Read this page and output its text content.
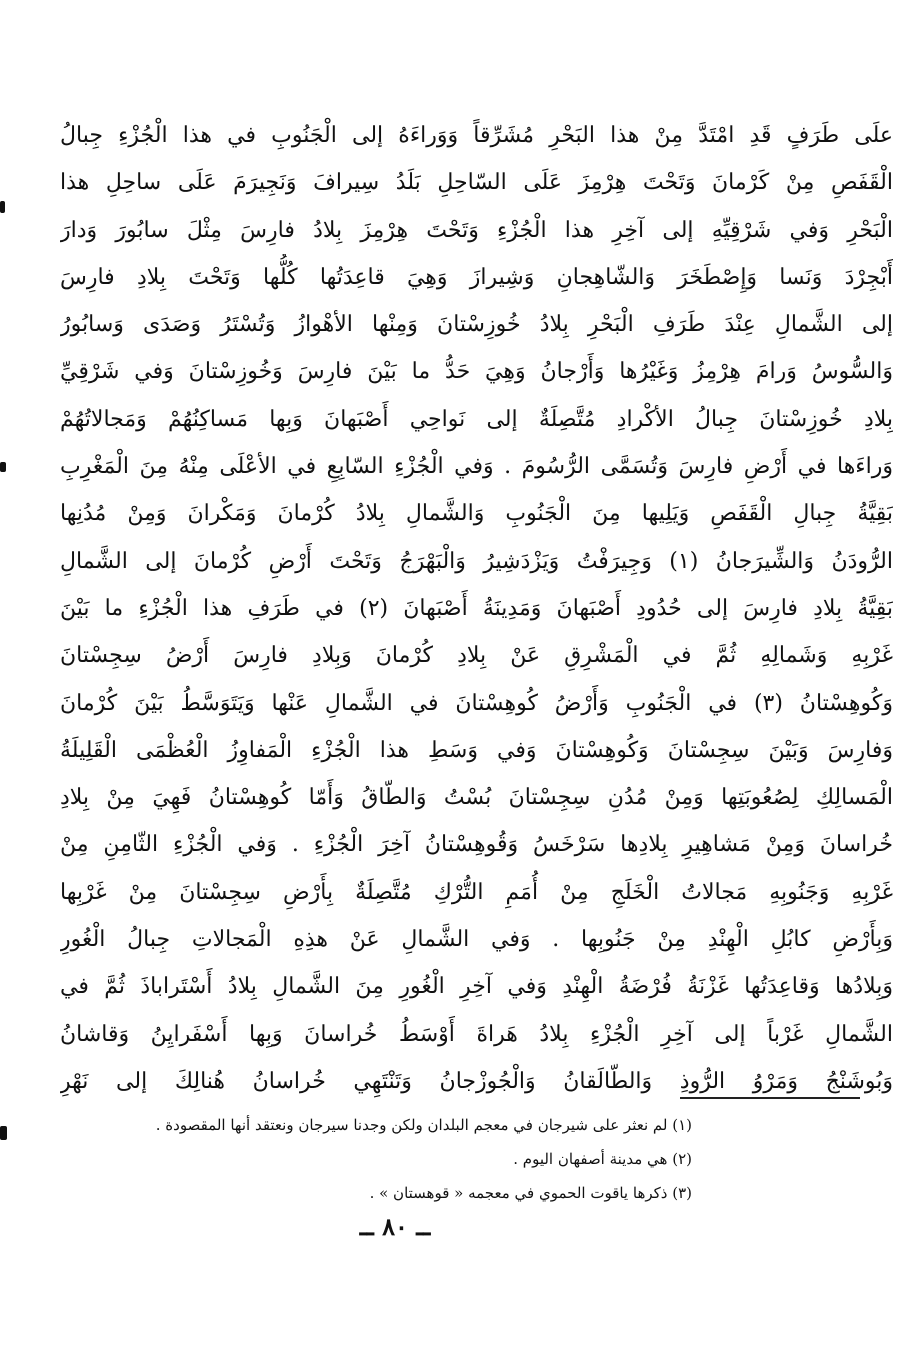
علَى طَرَفٍ قَدِ امْتَدَّ مِنْ هذا البَحْرِ مُشَرِّقاً وَوَراءَهُ إلى الْجَنُوبِ في هذا الْجُزْءِ جِبالُ
الْقَفَصِ مِنْ كَرْمانَ وَتَحْتَ هِرْمِزَ عَلَى السّاحِلِ بَلَدُ سِيرافَ وَنَجِيرَمَ عَلَى ساحِلِ هذا
الْبَحْرِ وَفي شَرْقِيِّهِ إلى آخِرِ هذا الْجُزْءِ وَتَحْتَ هِرْمِزَ بِلادُ فارِسَ مِثْلَ سابُورَ وَدارَ
أَبْجِرْدَ وَنَسا وَإِصْطَخَرَ وَالشّاهِجانِ وَشِيرازَ وَهِيَ قاعِدَتُها كُلُّها وَتَحْتَ بِلادِ فارِسَ
إلى الشَّمالِ عِنْدَ طَرَفِ الْبَحْرِ بِلادُ خُوزِسْتانَ وَمِنْها الأهْوازُ وَتُسْتَرُ وَصَدَى وَسابُورُ
وَالسُّوسُ وَرامَ هِرْمِزُ وَغَيْرُها وَأَرْجانُ وَهِيَ حَدُّ ما بَيْنَ فارِسَ وَخُوزِسْتانَ وَفي شَرْقِيِّ
بِلادِ خُوزِسْتانَ جِبالُ الأكْرادِ مُتَّصِلَةٌ إلى نَواحِي أَصْبَهانَ وَبِها مَساكِنُهُمْ وَمَجالاتُهُمْ
وَراءَها في أَرْضِ فارِسَ وَتُسَمَّى الرُّسُومَ . وَفي الْجُزْءِ السّابِعِ في الأعْلَى مِنْهُ مِنَ الْمَغْرِبِ
بَقِيَّةُ جِبالِ الْقَفَصِ وَيَلِيها مِنَ الْجَنُوبِ وَالشَّمالِ بِلادُ كُرْمانَ وَمَكْرانَ وَمِنْ مُدُنِها
الرُّودَنُ وَالشِّيرَجانُ (١) وَجِيرَفْتُ وَيَزْدَشِيرُ وَالْبَهْرَجُ وَتَحْتَ أَرْضِ كُرْمانَ إلى الشَّمالِ
بَقِيَّةُ بِلادِ فارِسَ إلى حُدُودِ أَصْبَهانَ وَمَدِينَةُ أَصْبَهانَ (٢) في طَرَفِ هذا الْجُزْءِ ما بَيْنَ
غَرْبِهِ وَشَمالِهِ ثُمَّ في الْمَشْرِقِ عَنْ بِلادِ كُرْمانَ وَبِلادِ فارِسَ أَرْضُ سِجِسْتانَ
وَكُوهِسْتانُ (٣) في الْجَنُوبِ وَأَرْضُ كُوهِسْتانَ في الشَّمالِ عَنْها وَيَتَوَسَّطُ بَيْنَ كُرْمانَ
وَفارِسَ وَبَيْنَ سِجِسْتانَ وَكُوهِسْتانَ وَفي وَسَطِ هذا الْجُزْءِ الْمَفاوِزُ الْعُظْمَى الْقَلِيلَةُ
الْمَسالِكِ لِصُعُوبَتِها وَمِنْ مُدُنِ سِجِسْتانَ بُسْتُ وَالطّاقُ وَأَمّا كُوهِسْتانُ فَهِيَ مِنْ بِلادِ
خُراسانَ وَمِنْ مَشاهِيرِ بِلادِها سَرْخَسُ وَقُوهِسْتانُ آخِرَ الْجُزْءِ . وَفي الْجُزْءِ الثّامِنِ مِنْ
غَرْبِهِ وَجَنُوبِهِ مَجالاتُ الْخَلَجِ مِنْ أُمَمِ التُّرْكِ مُتَّصِلَةٌ بِأَرْضِ سِجِسْتانَ مِنْ غَرْبِها
وَبِأَرْضِ كابُلِ الْهِنْدِ مِنْ جَنُوبِها . وَفي الشَّمالِ عَنْ هذِهِ الْمَجالاتِ جِبالُ الْغُورِ
وَبِلادُها وَقاعِدَتُها غَزْنَةُ فُرْضَةُ الْهِنْدِ وَفي آخِرِ الْغُورِ مِنَ الشَّمالِ بِلادُ أَسْتَراباذَ ثُمَّ في
الشَّمالِ غَرْباً إلى آخِرِ الْجُزْءِ بِلادُ هَراةَ أَوْسَطُ خُراسانَ وَبِها أَسْفَرايِنُ وَقاشانُ
وَبُوشَنْجُ وَمَرْوُ الرُّوذِ وَالطّالَقانُ وَالْجُوزْجانُ وَتَنْتَهِي خُراسانُ هُنالِكَ إلى نَهْرِ
(١) لم نعثر على شيرجان في معجم البلدان ولكن وجدنا سيرجان ونعتقد أنها المقصودة .
(٢) هي مدينة أصفهان اليوم .
(٣) ذكرها ياقوت الحموي في معجمه « قوهستان » .
ــ ٨٠ ــ
